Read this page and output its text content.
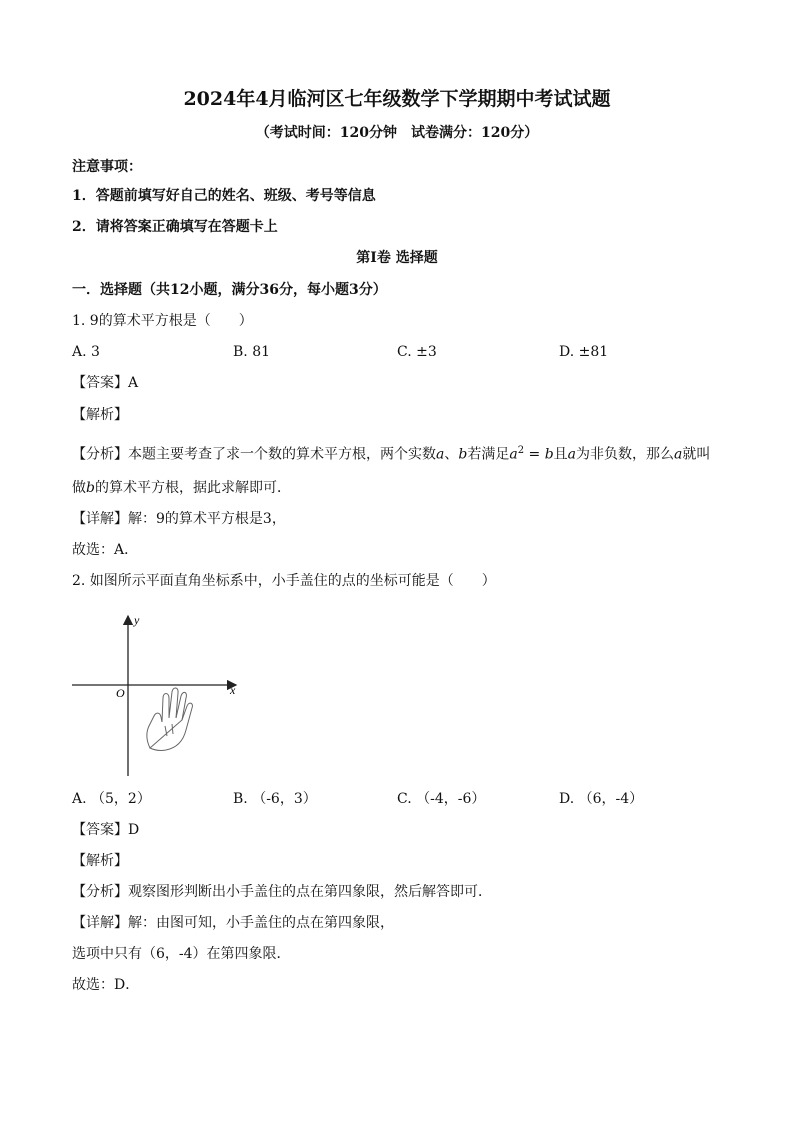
2024年4月临河区七年级数学下学期期中考试试题
（考试时间：120分钟　试卷满分：120分）
注意事项：
1．答题前填写好自己的姓名、班级、考号等信息
2．请将答案正确填写在答题卡上
第I卷 选择题
一．选择题（共12小题，满分36分，每小题3分）
1. 9的算术平方根是（　　）
A. 3	B. 81	C. ±3	D. ±81
【答案】A
【解析】
【分析】本题主要考查了求一个数的算术平方根，两个实数a、b若满足$a^2 = b$且a为非负数，那么a就叫
做b的算术平方根，据此求解即可．
【详解】解：9的算术平方根是3，
故选：A．
2. 如图所示平面直角坐标系中，小手盖住的点的坐标可能是（　　）
x
y
O
A. （5，2）	B. （-6，3）	C. （-4，-6）	D. （6，-4）
【答案】D
【解析】
【分析】观察图形判断出小手盖住的点在第四象限，然后解答即可．
【详解】解：由图可知，小手盖住的点在第四象限，
选项中只有（6，-4）在第四象限．
故选：D．
